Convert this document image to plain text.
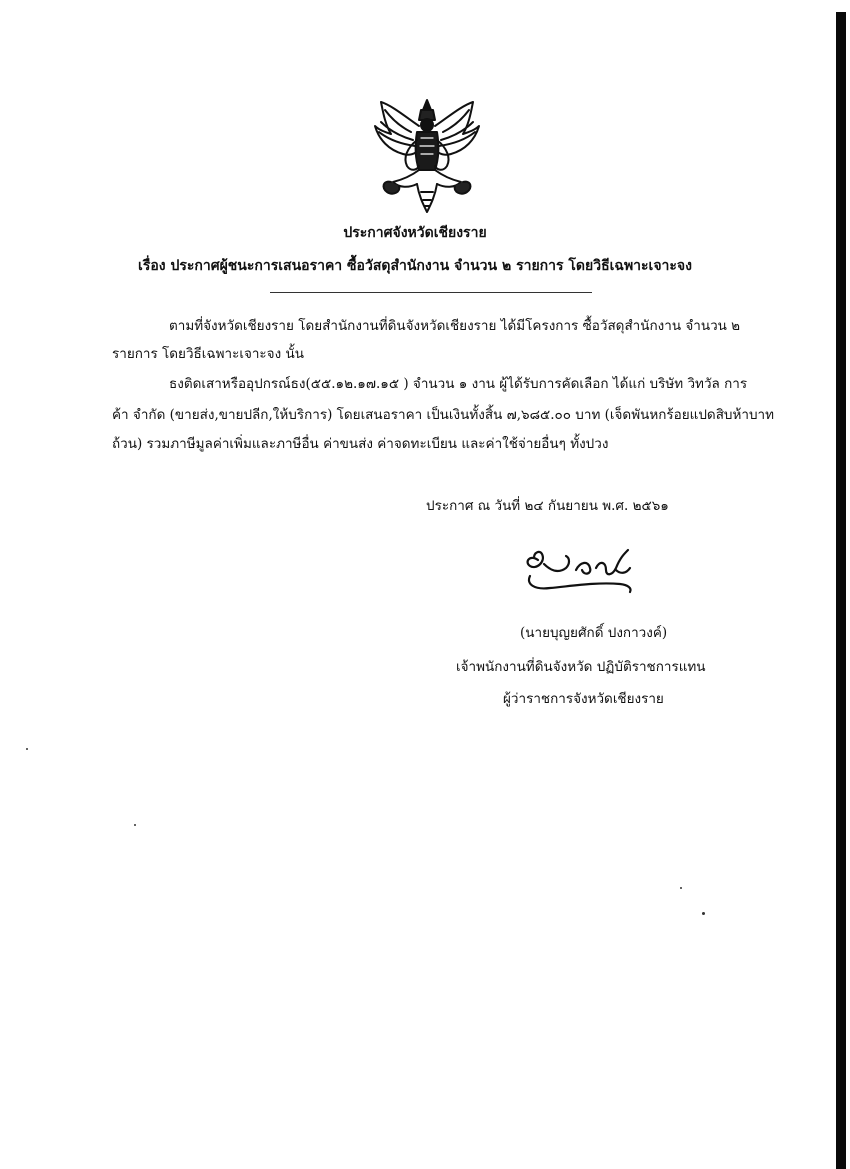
ประกาศจังหวัดเชียงราย
เรื่อง ประกาศผู้ชนะการเสนอราคา ซื้อวัสดุสำนักงาน จำนวน ๒ รายการ โดยวิธีเฉพาะเจาะจง
ตามที่จังหวัดเชียงราย โดยสำนักงานที่ดินจังหวัดเชียงราย ได้มีโครงการ ซื้อวัสดุสำนักงาน จำนวน ๒
รายการ โดยวิธีเฉพาะเจาะจง นั้น
ธงติดเสาหรืออุปกรณ์ธง(๕๕.๑๒.๑๗.๑๕ ) จำนวน ๑ งาน ผู้ได้รับการคัดเลือก ได้แก่ บริษัท วิทวัล การ
ค้า จำกัด (ขายส่ง,ขายปลีก,ให้บริการ) โดยเสนอราคา เป็นเงินทั้งสิ้น ๗,๖๘๕.๐๐ บาท (เจ็ดพันหกร้อยแปดสิบห้าบาท
ถ้วน) รวมภาษีมูลค่าเพิ่มและภาษีอื่น ค่าขนส่ง ค่าจดทะเบียน และค่าใช้จ่ายอื่นๆ ทั้งปวง
ประกาศ ณ วันที่ ๒๔ กันยายน พ.ศ. ๒๕๖๑
(นายบุญยศักดิ์ ปงกาวงค์)
เจ้าพนักงานที่ดินจังหวัด ปฏิบัติราชการแทน
ผู้ว่าราชการจังหวัดเชียงราย
